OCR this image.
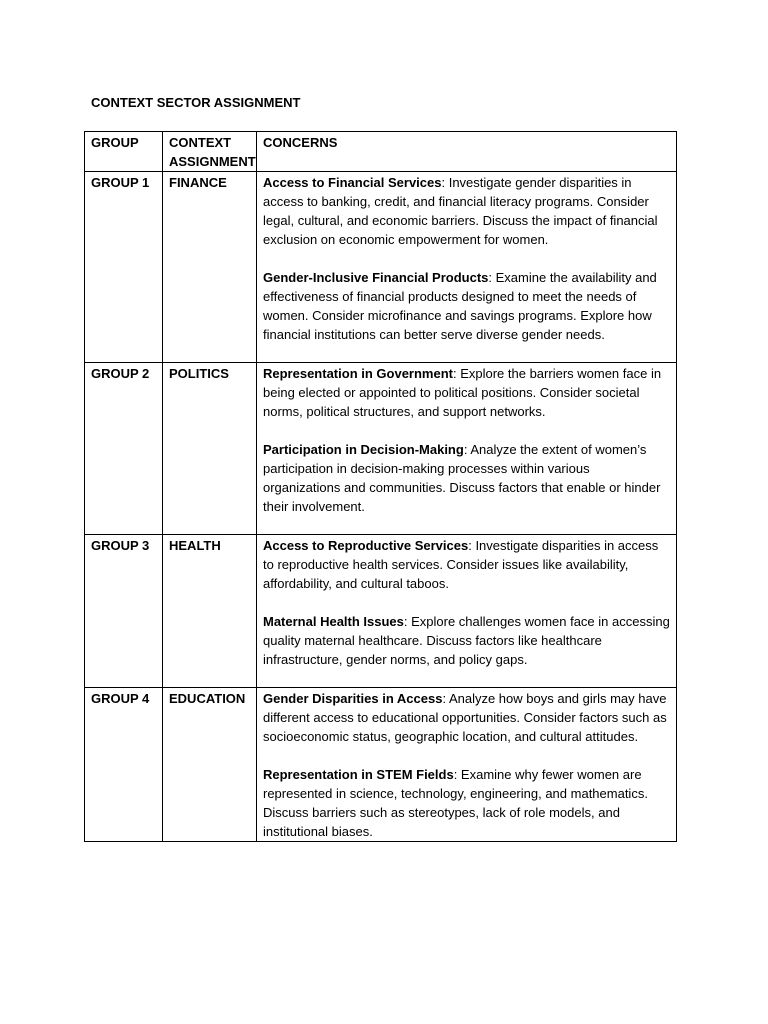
CONTEXT SECTOR ASSIGNMENT
GROUP	CONTEXT ASSIGNMENT	CONCERNS
GROUP 1	FINANCE	Access to Financial Services: Investigate gender disparities in access to banking, credit, and financial literacy programs. Consider legal, cultural, and economic barriers. Discuss the impact of financial exclusion on economic empowerment for women.

Gender-Inclusive Financial Products: Examine the availability and effectiveness of financial products designed to meet the needs of women. Consider microfinance and savings programs. Explore how financial institutions can better serve diverse gender needs.

GROUP 2	POLITICS	Representation in Government: Explore the barriers women face in being elected or appointed to political positions. Consider societal norms, political structures, and support networks.

Participation in Decision-Making: Analyze the extent of women’s participation in decision-making processes within various organizations and communities. Discuss factors that enable or hinder their involvement.

GROUP 3	HEALTH	Access to Reproductive Services: Investigate disparities in access to reproductive health services. Consider issues like availability, affordability, and cultural taboos.

Maternal Health Issues: Explore challenges women face in accessing quality maternal healthcare. Discuss factors like healthcare infrastructure, gender norms, and policy gaps.

GROUP 4	EDUCATION	Gender Disparities in Access: Analyze how boys and girls may have different access to educational opportunities. Consider factors such as socioeconomic status, geographic location, and cultural attitudes.

Representation in STEM Fields: Examine why fewer women are represented in science, technology, engineering, and mathematics. Discuss barriers such as stereotypes, lack of role models, and institutional biases.
